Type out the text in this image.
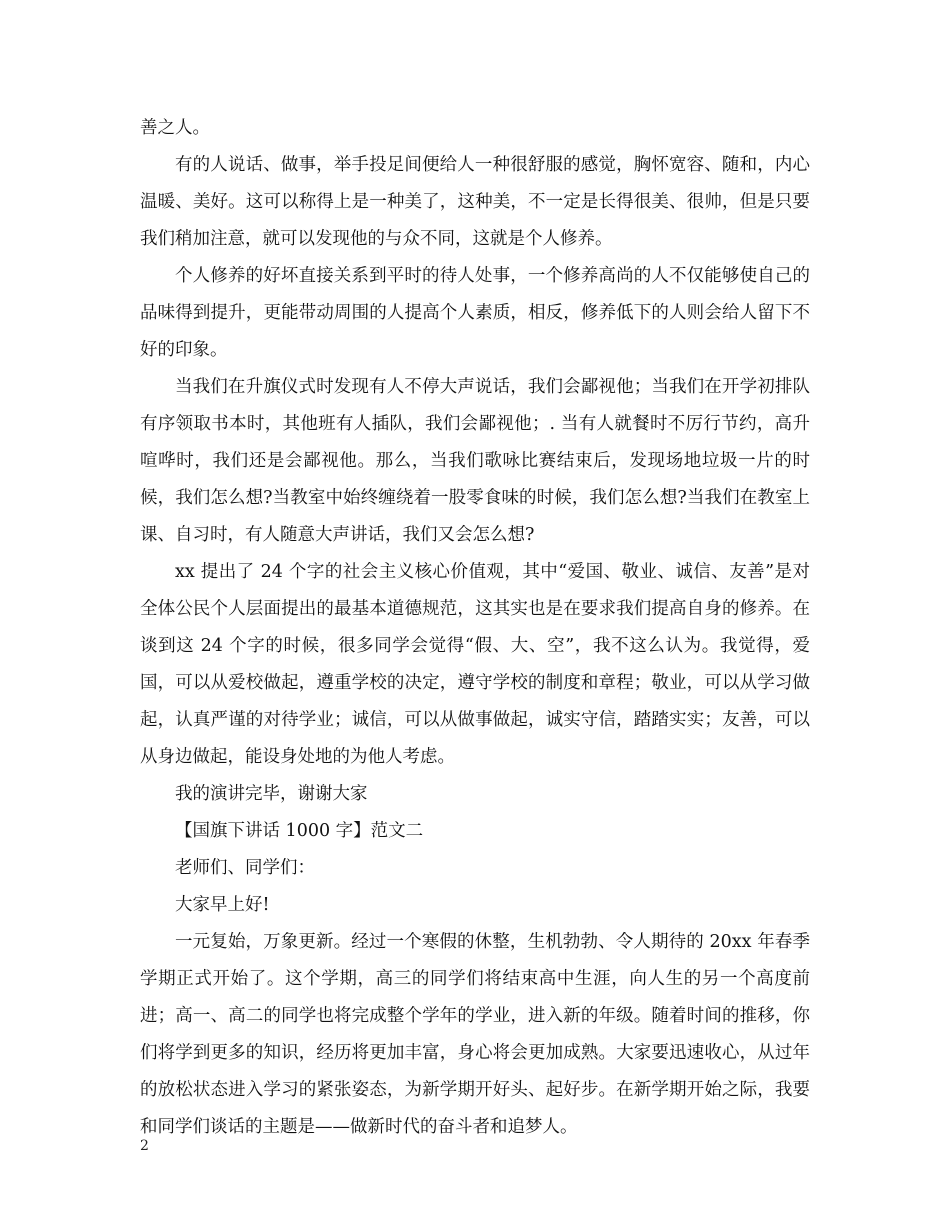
善之人。

有的人说话、做事，举手投足间便给人一种很舒服的感觉，胸怀宽容、随和，内心温暖、美好。这可以称得上是一种美了，这种美，不一定是长得很美、很帅，但是只要我们稍加注意，就可以发现他的与众不同，这就是个人修养。

个人修养的好坏直接关系到平时的待人处事，一个修养高尚的人不仅能够使自己的品味得到提升，更能带动周围的人提高个人素质，相反，修养低下的人则会给人留下不好的印象。

当我们在升旗仪式时发现有人不停大声说话，我们会鄙视他；当我们在开学初排队有序领取书本时，其他班有人插队，我们会鄙视他；. 当有人就餐时不厉行节约，高升喧哗时，我们还是会鄙视他。那么，当我们歌咏比赛结束后，发现场地垃圾一片的时候，我们怎么想?当教室中始终缠绕着一股零食味的时候，我们怎么想?当我们在教室上课、自习时，有人随意大声讲话，我们又会怎么想?

xx 提出了 24 个字的社会主义核心价值观，其中“爱国、敬业、诚信、友善”是对全体公民个人层面提出的最基本道德规范，这其实也是在要求我们提高自身的修养。在谈到这 24 个字的时候，很多同学会觉得“假、大、空”，我不这么认为。我觉得，爱国，可以从爱校做起，遵重学校的决定，遵守学校的制度和章程；敬业，可以从学习做起，认真严谨的对待学业；诚信，可以从做事做起，诚实守信，踏踏实实；友善，可以从身边做起，能设身处地的为他人考虑。

我的演讲完毕，谢谢大家

【国旗下讲话 1000 字】范文二

老师们、同学们：

大家早上好!

一元复始，万象更新。经过一个寒假的休整，生机勃勃、令人期待的 20xx 年春季学期正式开始了。这个学期，高三的同学们将结束高中生涯，向人生的另一个高度前进；高一、高二的同学也将完成整个学年的学业，进入新的年级。随着时间的推移，你们将学到更多的知识，经历将更加丰富，身心将会更加成熟。大家要迅速收心，从过年的放松状态进入学习的紧张姿态，为新学期开好头、起好步。在新学期开始之际，我要和同学们谈话的主题是——做新时代的奋斗者和追梦人。

2
